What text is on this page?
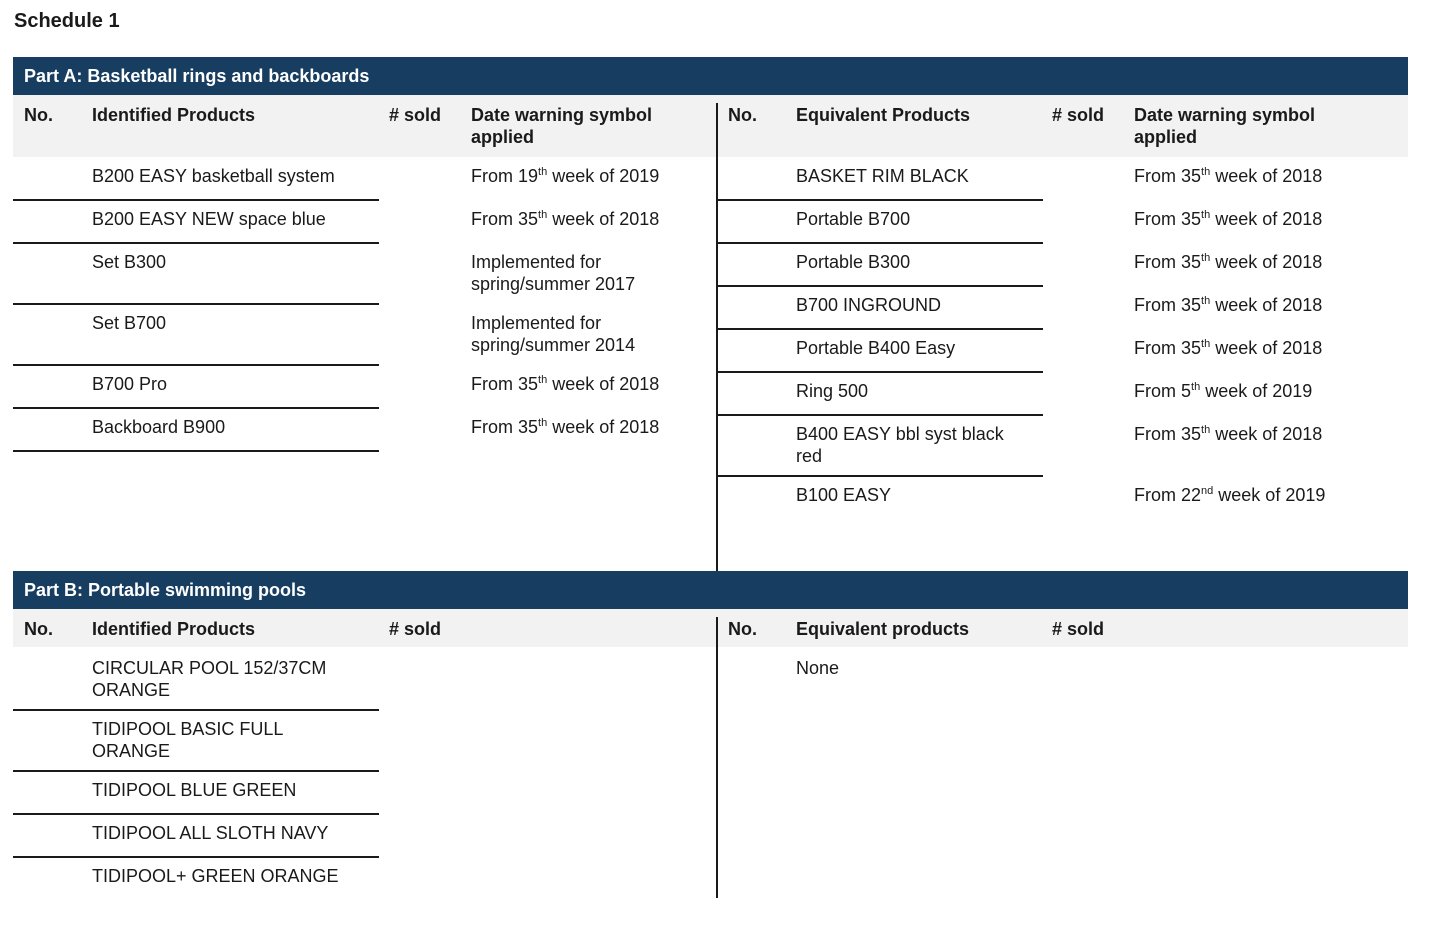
Schedule 1
Part A: Basketball rings and backboards
No. Identified Products	# sold Date warning symbol
applied
No. Equivalent Products	# sold Date warning symbol
applied
B200 EASY basketball system	From 19th week of 2019
B200 EASY NEW space blue	From 35th week of 2018
Set B300	Implemented for
spring/summer 2017
Set B700	Implemented for
spring/summer 2014
B700 Pro	From 35th week of 2018
Backboard B900	From 35th week of 2018
BASKET RIM BLACK	From 35th week of 2018
Portable B700	From 35th week of 2018
Portable B300	From 35th week of 2018
B700 INGROUND	From 35th week of 2018
Portable B400 Easy	From 35th week of 2018
Ring 500	From 5th week of 2019
B400 EASY bbl syst black
red
From 35th week of 2018
B100 EASY	From 22nd week of 2019
Part B: Portable swimming pools
No. Identified Products	# sold	No. Equivalent products	# sold
CIRCULAR POOL 152/37CM
ORANGE
TIDIPOOL BASIC FULL
ORANGE
TIDIPOOL BLUE GREEN
TIDIPOOL ALL SLOTH NAVY
TIDIPOOL+ GREEN ORANGE
None
